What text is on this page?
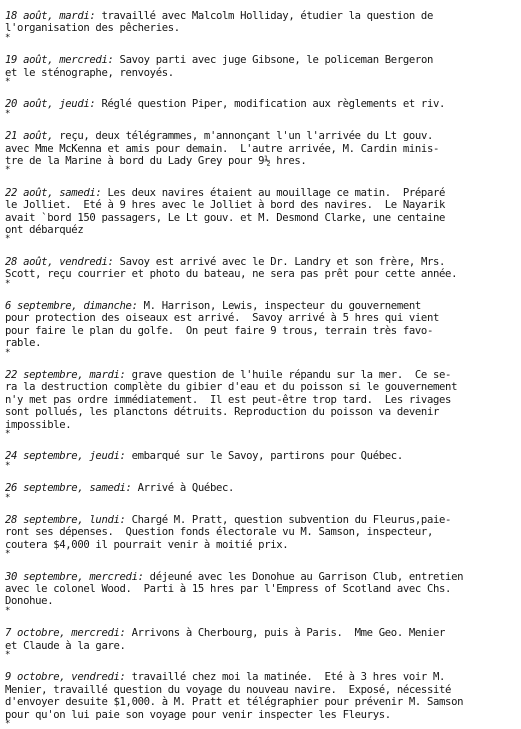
18 août, mardi: travaillé avec Malcolm Holliday, étudier la question de
l'organisation des pêcheries.
*
19 août, mercredi: Savoy parti avec juge Gibsone, le policeman Bergeron
et le sténographe, renvoyés.
*
20 août, jeudi: Réglé question Piper, modification aux règlements et riv.
*
21 août, reçu, deux télégrammes, m'annonçant l'un l'arrivée du Lt gouv.
avec Mme McKenna et amis pour demain.  L'autre arrivée, M. Cardin minis-
tre de la Marine à bord du Lady Grey pour 9½ hres.
*
22 août, samedi: Les deux navires étaient au mouillage ce matin.  Préparé
le Jolliet.  Eté à 9 hres avec le Jolliet à bord des navires.  Le Nayarik
avait `bord 150 passagers, Le Lt gouv. et M. Desmond Clarke, une centaine
ont débarquéz
*
28 août, vendredi: Savoy est arrivé avec le Dr. Landry et son frère, Mrs.
Scott, reçu courrier et photo du bateau, ne sera pas prêt pour cette année.
*
6 septembre, dimanche: M. Harrison, Lewis, inspecteur du gouvernement
pour protection des oiseaux est arrivé.  Savoy arrivé à 5 hres qui vient
pour faire le plan du golfe.  On peut faire 9 trous, terrain très favo-
rable.
*
22 septembre, mardi: grave question de l'huile répandu sur la mer.  Ce se-
ra la destruction complète du gibier d'eau et du poisson si le gouvernement
n'y met pas ordre immédiatement.  Il est peut-être trop tard.  Les rivages
sont pollués, les planctons détruits. Reproduction du poisson va devenir
impossible.
*
24 septembre, jeudi: embarqué sur le Savoy, partirons pour Québec.
*
26 septembre, samedi: Arrivé à Québec.
*
28 septembre, lundi: Chargé M. Pratt, question subvention du Fleurus,paie-
ront ses dépenses.  Question fonds électorale vu M. Samson, inspecteur,
coutera $4,000 il pourrait venir à moitié prix.
*
30 septembre, mercredi: déjeuné avec les Donohue au Garrison Club, entretien
avec le colonel Wood.  Parti à 15 hres par l'Empress of Scotland avec Chs.
Donohue.
*
7 octobre, mercredi: Arrivons à Cherbourg, puis à Paris.  Mme Geo. Menier
et Claude à la gare.
*
9 octobre, vendredi: travaillé chez moi la matinée.  Eté à 3 hres voir M.
Menier, travaillé question du voyage du nouveau navire.  Exposé, nécessité
d'envoyer desuite $1,000. à M. Pratt et télégraphier pour prévenir M. Samson
pour qu'on lui paie son voyage pour venir inspecter les Fleurys.
*
